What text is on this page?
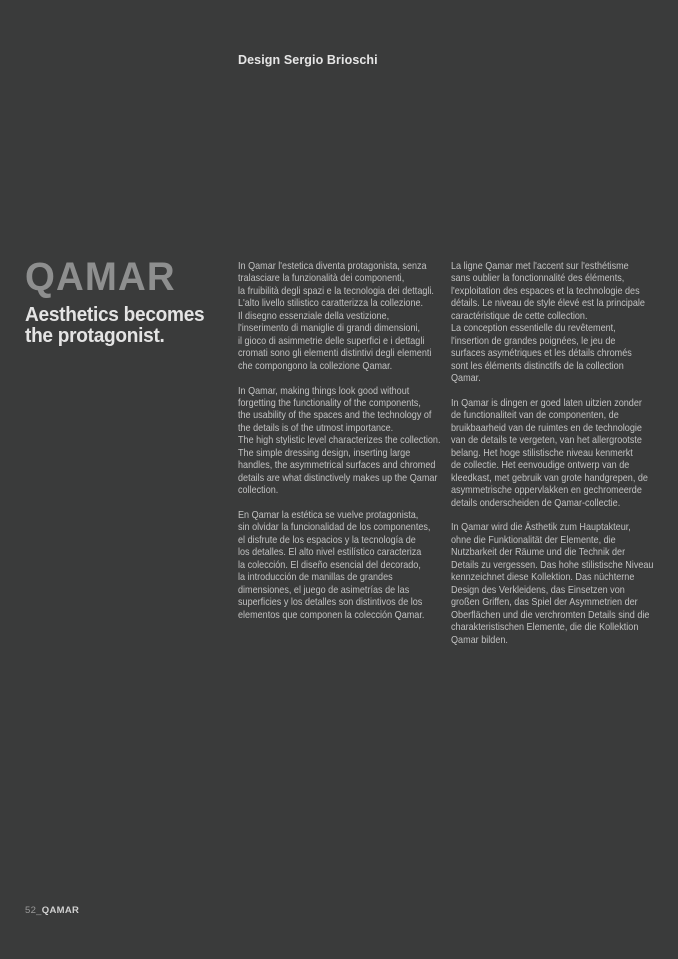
Design Sergio Brioschi
QAMAR
Aesthetics becomes the protagonist.

In Qamar l'estetica diventa protagonista, senza
tralasciare la funzionalità dei componenti,
la fruibilità degli spazi e la tecnologia dei dettagli.
L'alto livello stilistico caratterizza la collezione.
Il disegno essenziale della vestizione,
l'inserimento di maniglie di grandi dimensioni,
il gioco di asimmetrie delle superfici e i dettagli
cromati sono gli elementi distintivi degli elementi
che compongono la collezione Qamar.

In Qamar, making things look good without
forgetting the functionality of the components,
the usability of the spaces and the technology of
the details is of the utmost importance.
The high stylistic level characterizes the collection.
The simple dressing design, inserting large
handles, the asymmetrical surfaces and chromed
details are what distinctively makes up the Qamar
collection.

En Qamar la estética se vuelve protagonista,
sin olvidar la funcionalidad de los componentes,
el disfrute de los espacios y la tecnología de
los detalles. El alto nivel estilístico caracteriza
la colección. El diseño esencial del decorado,
la introducción de manillas de grandes
dimensiones, el juego de asimetrías de las
superficies y los detalles son distintivos de los
elementos que componen la colección Qamar.

La ligne Qamar met l'accent sur l'esthétisme
sans oublier la fonctionnalité des éléments,
l'exploitation des espaces et la technologie des
détails. Le niveau de style élevé est la principale
caractéristique de cette collection.
La conception essentielle du revêtement,
l'insertion de grandes poignées, le jeu de
surfaces asymétriques et les détails chromés
sont les éléments distinctifs de la collection
Qamar.

In Qamar is dingen er goed laten uitzien zonder
de functionaliteit van de componenten, de
bruikbaarheid van de ruimtes en de technologie
van de details te vergeten, van het allergrootste
belang. Het hoge stilistische niveau kenmerkt
de collectie. Het eenvoudige ontwerp van de
kleedkast, met gebruik van grote handgrepen, de
asymmetrische oppervlakken en gechromeerde
details onderscheiden de Qamar-collectie.

In Qamar wird die Ästhetik zum Hauptakteur,
ohne die Funktionalität der Elemente, die
Nutzbarkeit der Räume und die Technik der
Details zu vergessen. Das hohe stilistische Niveau
kennzeichnet diese Kollektion. Das nüchterne
Design des Verkleidens, das Einsetzen von
großen Griffen, das Spiel der Asymmetrien der
Oberflächen und die verchromten Details sind die
charakteristischen Elemente, die die Kollektion
Qamar bilden.

52_QAMAR
